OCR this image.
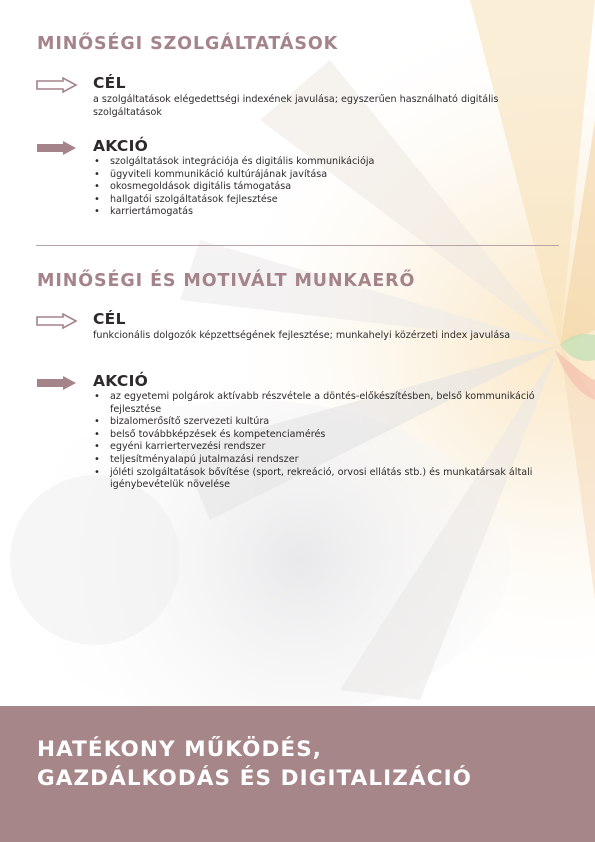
MINŐSÉGI SZOLGÁLTATÁSOK
CÉL

a szolgáltatások elégedettségi indexének javulása; egyszerűen használható digitális szolgáltatások

AKCIÓ
• szolgáltatások integrációja és digitális kommunikációja
• ügyviteli kommunikáció kultúrájának javítása
• okosmegoldások digitális támogatása
• hallgatói szolgáltatások fejlesztése
• karriertámogatás
MINŐSÉGI ÉS MOTIVÁLT MUNKAERŐ
CÉL

funkcionális dolgozók képzettségének fejlesztése; munkahelyi közérzeti index javulása

AKCIÓ
• az egyetemi polgárok aktívabb részvétele a döntés-előkészítésben, belső kommunikáció fejlesztése
• bizalomerősítő szervezeti kultúra
• belső továbbképzések és kompetenciamérés
• egyéni karriertervezési rendszer
• teljesítményalapú jutalmazási rendszer
• jóléti szolgáltatások bővítése (sport, rekreáció, orvosi ellátás stb.) és munkatársak általi igénybevételük növelése
HATÉKONY MŰKÖDÉS,
GAZDÁLKODÁS ÉS DIGITALIZÁCIÓ
